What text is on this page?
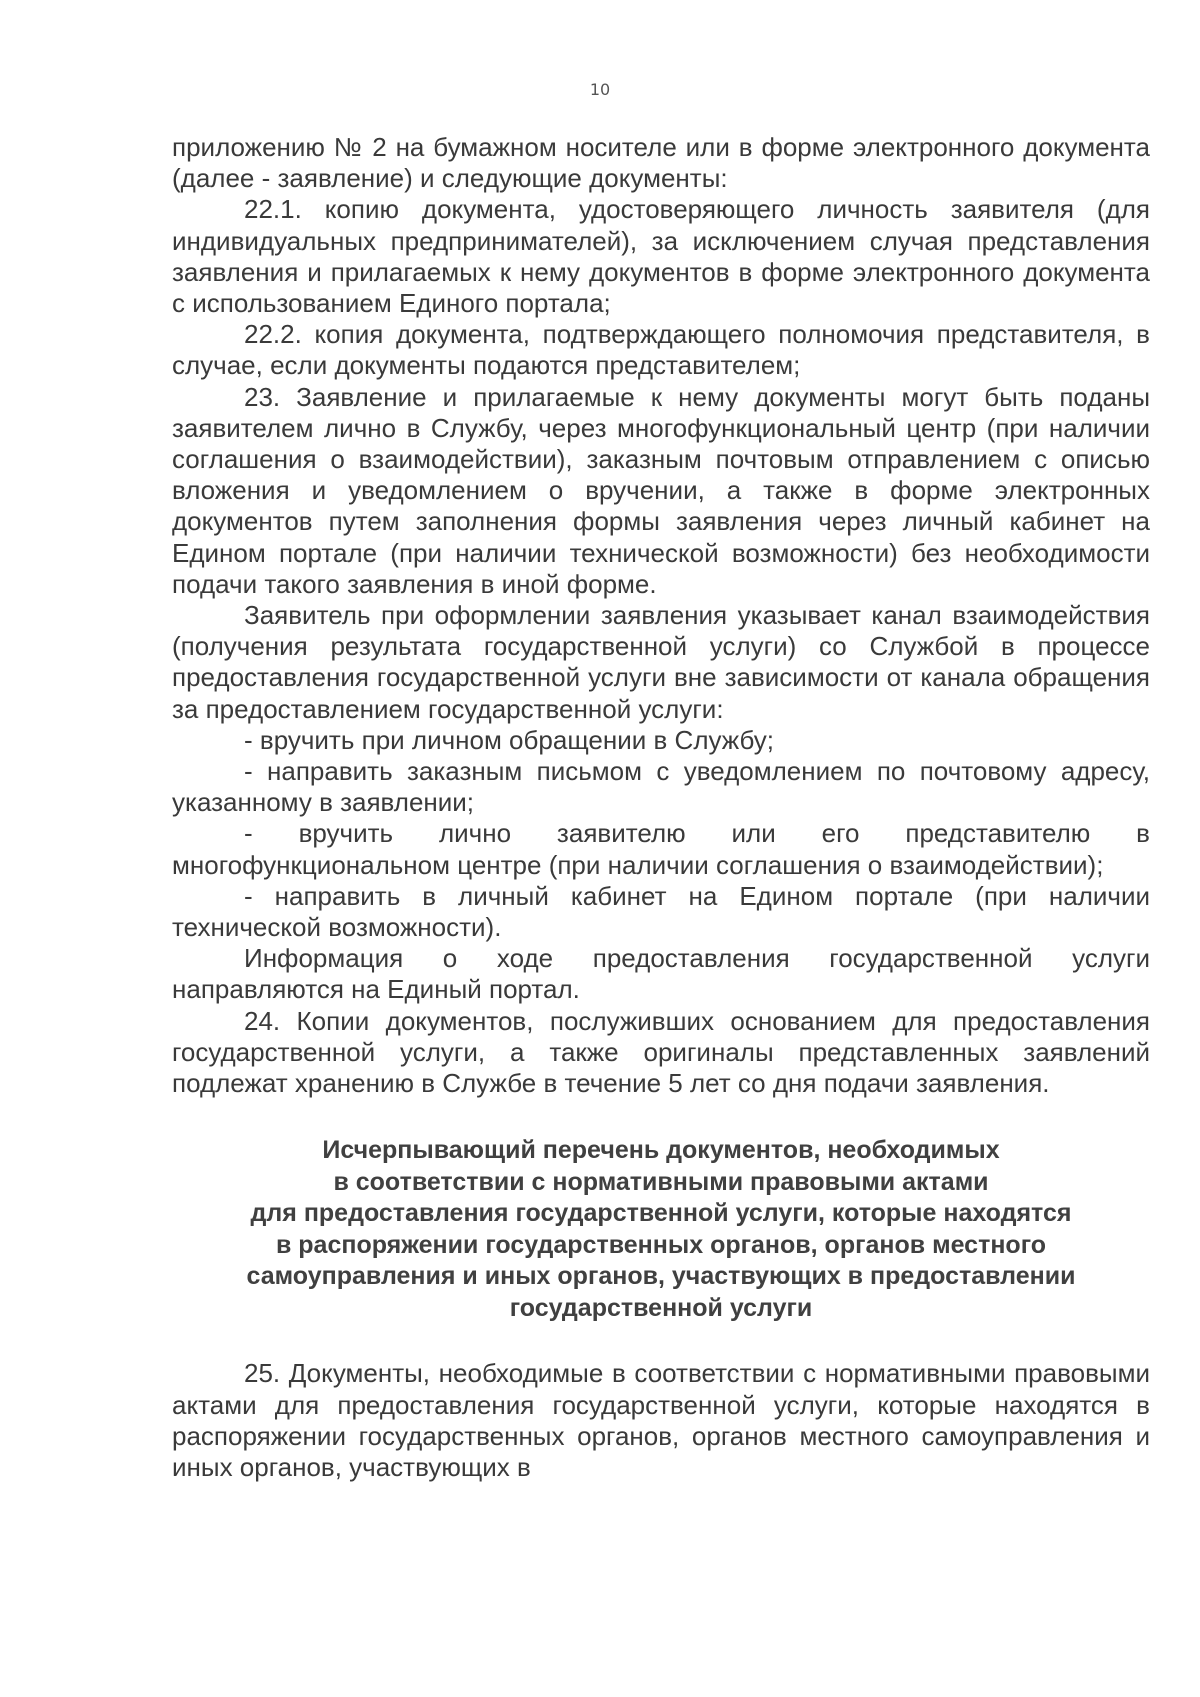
10

приложению № 2 на бумажном носителе или в форме электронного документа (далее - заявление) и следующие документы:

22.1. копию документа, удостоверяющего личность заявителя (для индивидуальных предпринимателей), за исключением случая представления заявления и прилагаемых к нему документов в форме электронного документа с использованием Единого портала;

22.2. копия документа, подтверждающего полномочия представителя, в случае, если документы подаются представителем;

23. Заявление и прилагаемые к нему документы могут быть поданы заявителем лично в Службу, через многофункциональный центр (при наличии соглашения о взаимодействии), заказным почтовым отправлением с описью вложения и уведомлением о вручении, а также в форме электронных документов путем заполнения формы заявления через личный кабинет на Едином портале (при наличии технической возможности) без необходимости подачи такого заявления в иной форме.

Заявитель при оформлении заявления указывает канал взаимодействия (получения результата государственной услуги) со Службой в процессе предоставления государственной услуги вне зависимости от канала обращения за предоставлением государственной услуги:

- вручить при личном обращении в Службу;

- направить заказным письмом с уведомлением по почтовому адресу, указанному в заявлении;

- вручить лично заявителю или его представителю в многофункциональном центре (при наличии соглашения о взаимодействии);

- направить в личный кабинет на Едином портале (при наличии технической возможности).

Информация о ходе предоставления государственной услуги направляются на Единый портал.

24. Копии документов, послуживших основанием для предоставления государственной услуги, а также оригиналы представленных заявлений подлежат хранению в Службе в течение 5 лет со дня подачи заявления.

Исчерпывающий перечень документов, необходимых
в соответствии с нормативными правовыми актами
для предоставления государственной услуги, которые находятся
в распоряжении государственных органов, органов местного
самоуправления и иных органов, участвующих в предоставлении
государственной услуги

25. Документы, необходимые в соответствии с нормативными правовыми актами для предоставления государственной услуги, которые находятся в распоряжении государственных органов, органов местного самоуправления и иных органов, участвующих в
